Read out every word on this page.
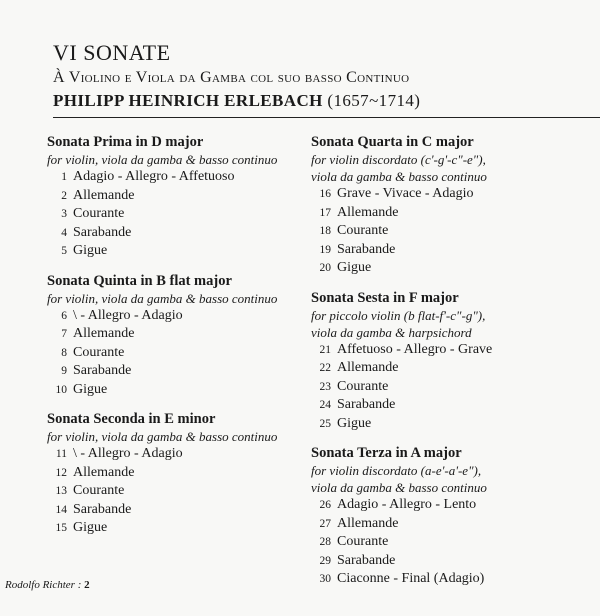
VI SONATE
À Violino e Viola da Gamba col suo basso Continuo
PHILIPP HEINRICH ERLEBACH (1657~1714)
Sonata Prima in D major
for violin, viola da gamba & basso continuo
1 Adagio - Allegro - Affetuoso
2 Allemande
3 Courante
4 Sarabande
5 Gigue
Sonata Quinta in B flat major
for violin, viola da gamba & basso continuo
6 \ - Allegro - Adagio
7 Allemande
8 Courante
9 Sarabande
10 Gigue
Sonata Seconda in E minor
for violin, viola da gamba & basso continuo
11 \ - Allegro - Adagio
12 Allemande
13 Courante
14 Sarabande
15 Gigue
Sonata Quarta in C major
for violin discordato (c'-g'-c"-e"),
viola da gamba & basso continuo
16 Grave - Vivace - Adagio
17 Allemande
18 Courante
19 Sarabande
20 Gigue
Sonata Sesta in F major
for piccolo violin (b flat-f'-c"-g"),
viola da gamba & harpsichord
21 Affetuoso - Allegro - Grave
22 Allemande
23 Courante
24 Sarabande
25 Gigue
Sonata Terza in A major
for violin discordato (a-e'-a'-e"),
viola da gamba & basso continuo
26 Adagio - Allegro - Lento
27 Allemande
28 Courante
29 Sarabande
30 Ciaconne - Final (Adagio)
Rodolfo Richter : 2
